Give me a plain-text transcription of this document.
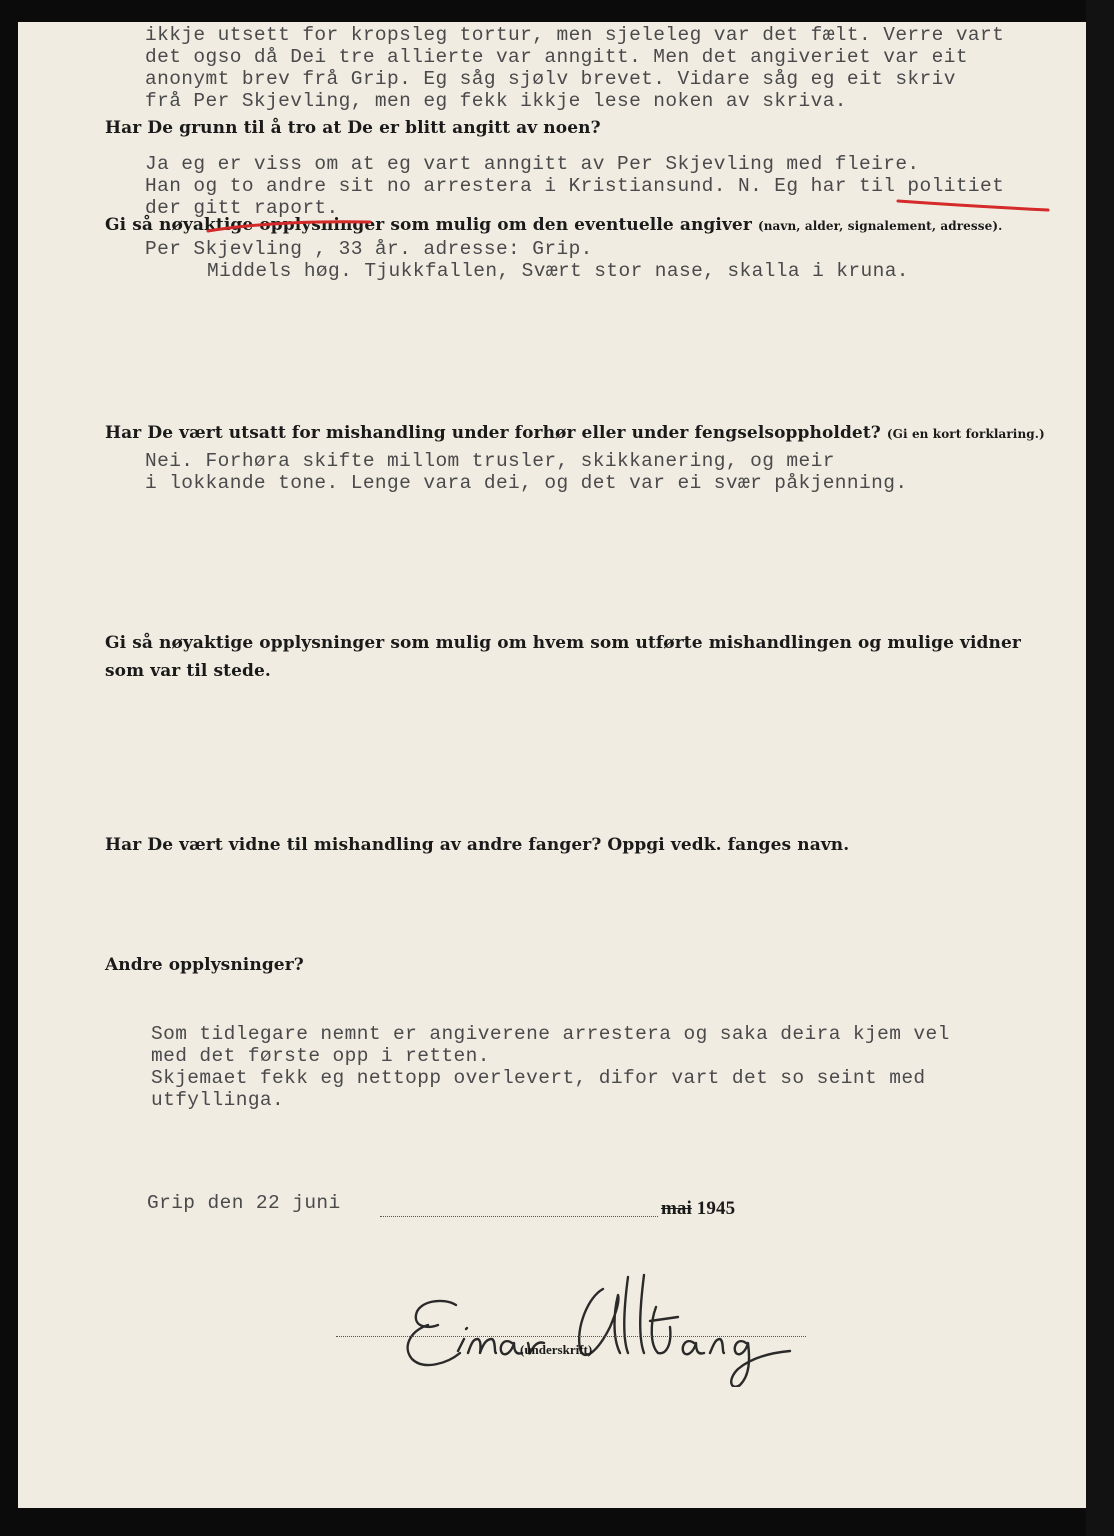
ikkje utsett for kropsleg tortur, men sjeleleg var det fælt. Verre vart
det ogso då Dei tre allierte var anngitt. Men det angiveriet var eit
anonymt brev frå Grip. Eg såg sjølv brevet. Vidare såg eg eit skriv
frå Per Skjevling, men eg fekk ikkje lese noken av skriva.
Har De grunn til å tro at De er blitt angitt av noen?
Ja eg er viss om at eg vart anngitt av Per Skjevling med fleire.
Han og to andre sit no arrestera i Kristiansund. N. Eg har til politiet
der gitt raport.
Gi så nøyaktige opplysninger som mulig om den eventuelle angiver (navn, alder, signalement, adresse).
Per Skjevling , 33 år. adresse: Grip.
Middels høg. Tjukkfallen, Svært stor nase, skalla i kruna.
Har De vært utsatt for mishandling under forhør eller under fengselsoppholdet? (Gi en kort forklaring.)
Nei. Forhøra skifte millom trusler, skikkanering, og meir
i lokkande tone. Lenge vara dei, og det var ei svær påkjenning.
Gi så nøyaktige opplysninger som mulig om hvem som utførte mishandlingen og mulige vidner
som var til stede.
Har De vært vidne til mishandling av andre fanger? Oppgi vedk. fanges navn.
Andre opplysninger?
Som tidlegare nemnt er angiverene arrestera og saka deira kjem vel
med det første opp i retten.
Skjemaet fekk eg nettopp overlevert, difor vart det so seint med
utfyllinga.
Grip den 22 juni	mai 1945
(underskrift)
